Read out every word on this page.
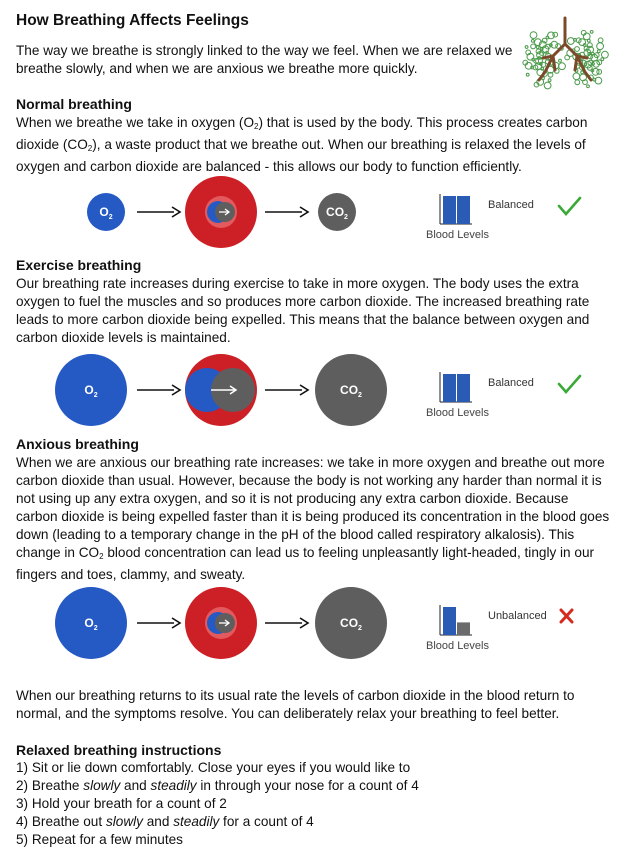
How Breathing Affects Feelings
The way we breathe is strongly linked to the way we feel. When we are relaxed we breathe slowly, and when we are anxious we breathe more quickly.
Normal breathing
When we breathe we take in oxygen $(O_2)$ that is used by the body. This process creates carbon dioxide $(CO_2)$, a waste product that we breathe out. When our breathing is relaxed the levels of oxygen and carbon dioxide are balanced - this allows our body to function efficiently.
$O_2$	$CO_2$
Blood Levels
Balanced
Exercise breathing
Our breathing rate increases during exercise to take in more oxygen. The body uses the extra oxygen to fuel the muscles and so produces more carbon dioxide. The increased breathing rate leads to more carbon dioxide being expelled. This means that the balance between oxygen and carbon dioxide levels is maintained.
$O_2$	$CO_2$
Blood Levels
Balanced
Anxious breathing
When we are anxious our breathing rate increases: we take in more oxygen and breathe out more carbon dioxide than usual. However, because the body is not working any harder than normal it is not using up any extra oxygen, and so it is not producing any extra carbon dioxide. Because carbon dioxide is being expelled faster than it is being produced its concentration in the blood goes down (leading to a temporary change in the pH of the blood called respiratory alkalosis). This change in $CO_2$ blood concentration can lead us to feeling unpleasantly light-headed, tingly in our fingers and toes, clammy, and sweaty.
$O_2$	$CO_2$
Blood Levels
Unbalanced
When our breathing returns to its usual rate the levels of carbon dioxide in the blood return to normal, and the symptoms resolve. You can deliberately relax your breathing to feel better.
Relaxed breathing instructions
1) Sit or lie down comfortably. Close your eyes if you would like to
2) Breathe slowly and steadily in through your nose for a count of 4
3) Hold your breath for a count of 2
4) Breathe out slowly and steadily for a count of 4
5) Repeat for a few minutes
